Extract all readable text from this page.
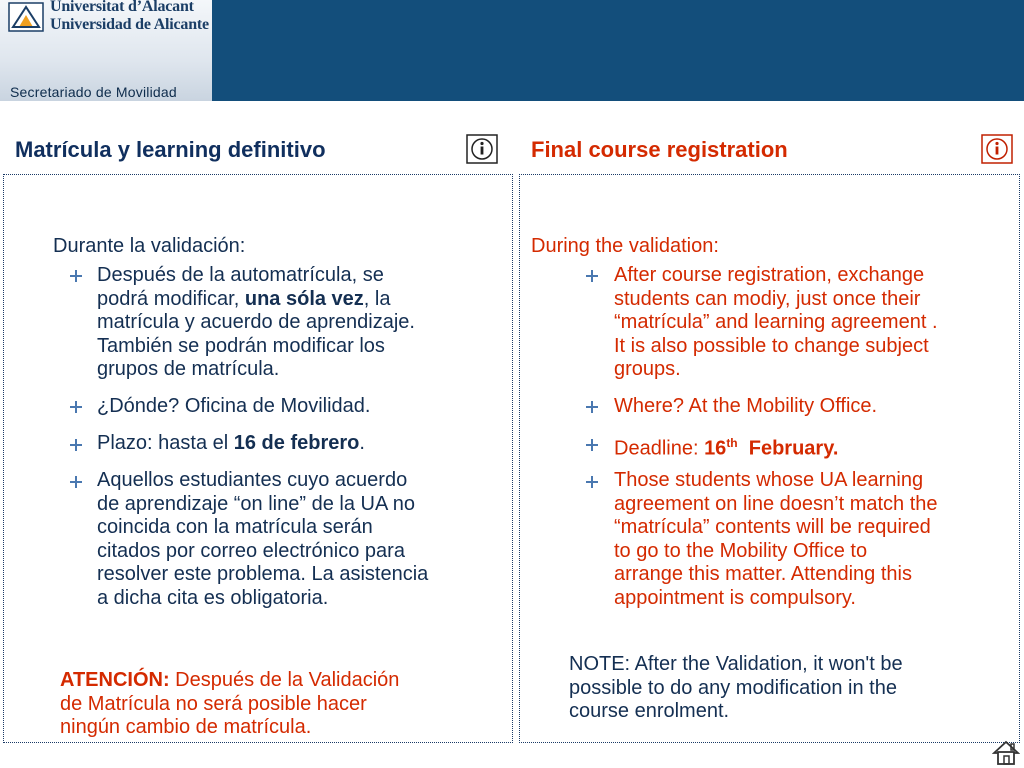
Universitat d’Alacant
Universidad de Alicante
Secretariado de Movilidad
Matrícula y learning definitivo	Final course registration
Durante la validación:
Después de la automatrícula, se
podrá modificar, una sóla vez, la
matrícula y acuerdo de aprendizaje.
También se podrán modificar los
grupos de matrícula.
¿Dónde? Oficina de Movilidad.
Plazo: hasta el 16 de febrero.
Aquellos estudiantes cuyo acuerdo
de aprendizaje “on line” de la UA no
coincida con la matrícula serán
citados por correo electrónico para
resolver este problema. La asistencia
a dicha cita es obligatoria.
ATENCIÓN: Después de la Validación
de Matrícula no será posible hacer
ningún cambio de matrícula.
During the validation:
After course registration, exchange
students can modiy, just once their
“matrícula” and learning agreement .
It is also possible to change subject
groups.
Where? At the Mobility Office.
Deadline: 16th  February.
Those students whose UA learning
agreement on line doesn’t match the
“matrícula” contents will be required
to go to the Mobility Office to
arrange this matter. Attending this
appointment is compulsory.
NOTE: After the Validation, it won't be
possible to do any modification in the
course enrolment.
